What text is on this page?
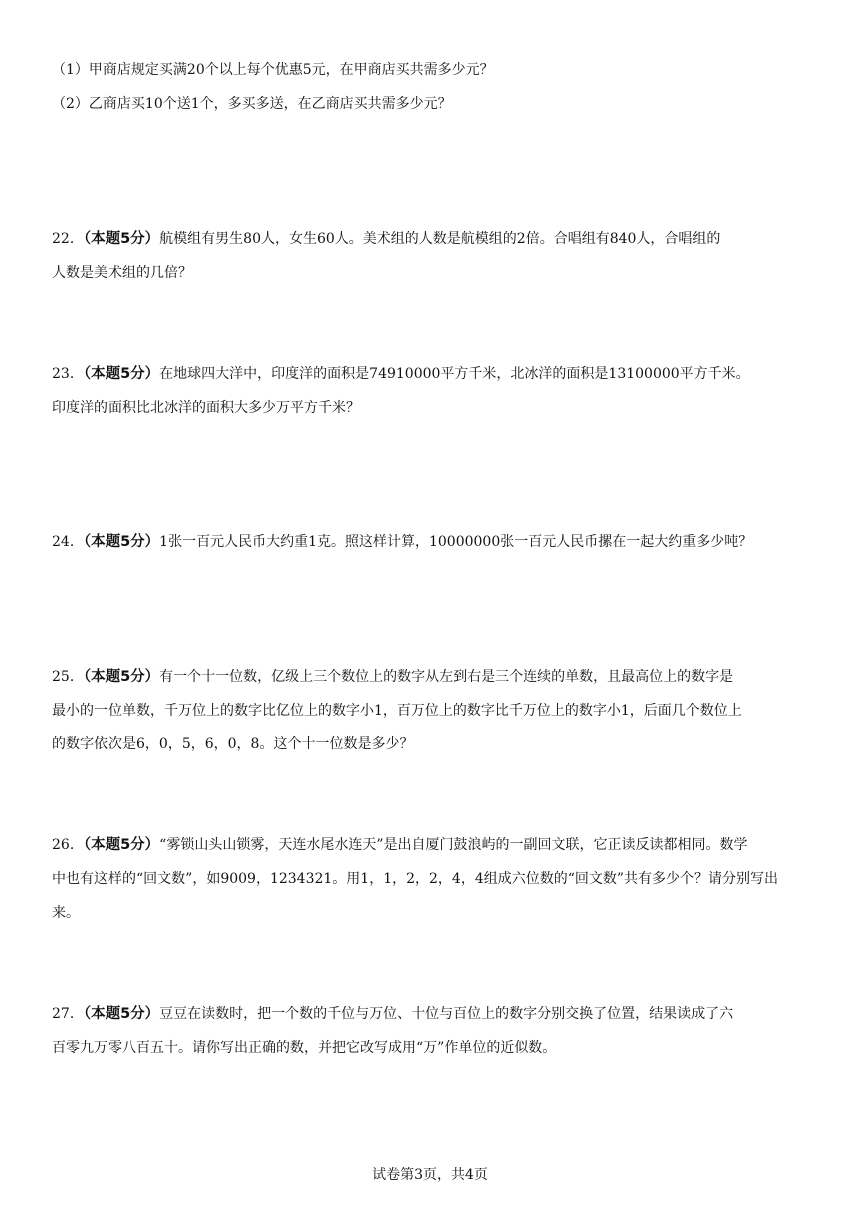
（1）甲商店规定买满20个以上每个优惠5元，在甲商店买共需多少元？
（2）乙商店买10个送1个，多买多送，在乙商店买共需多少元？
22．（本题5分）航模组有男生80人，女生60人。美术组的人数是航模组的2倍。合唱组有840人，合唱组的
人数是美术组的几倍？
23．（本题5分）在地球四大洋中，印度洋的面积是74910000平方千米，北冰洋的面积是13100000平方千米。
印度洋的面积比北冰洋的面积大多少万平方千米？
24．（本题5分）1张一百元人民币大约重1克。照这样计算，10000000张一百元人民币摞在一起大约重多少吨？
25．（本题5分）有一个十一位数，亿级上三个数位上的数字从左到右是三个连续的单数，且最高位上的数字是
最小的一位单数，千万位上的数字比亿位上的数字小1，百万位上的数字比千万位上的数字小1，后面几个数位上
的数字依次是6，0，5，6，0，8。这个十一位数是多少？
26．（本题5分）“雾锁山头山锁雾，天连水尾水连天”是出自厦门鼓浪屿的一副回文联，它正读反读都相同。数学
中也有这样的“回文数”，如9009，1234321。用1，1，2，2，4，4组成六位数的“回文数”共有多少个？请分别写出
来。
27．（本题5分）豆豆在读数时，把一个数的千位与万位、十位与百位上的数字分别交换了位置，结果读成了六
百零九万零八百五十。请你写出正确的数，并把它改写成用“万”作单位的近似数。
试卷第3页，共4页
